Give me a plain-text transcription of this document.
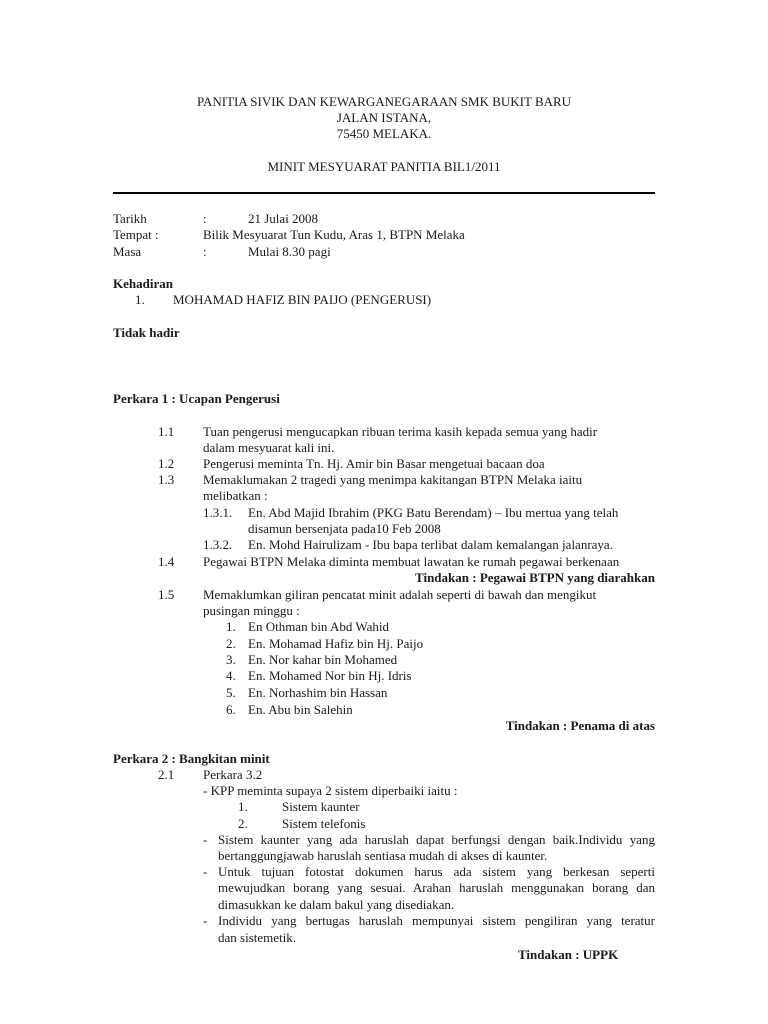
PANITIA SIVIK DAN KEWARGANEGARAAN SMK BUKIT BARU
JALAN ISTANA,
75450 MELAKA.
MINIT MESYUARAT PANITIA BIL1/2011
Tarikh	:	21 Julai 2008
Tempat :	Bilik Mesyuarat Tun Kudu, Aras 1, BTPN Melaka
Masa	:	Mulai 8.30 pagi
Kehadiran
1. MOHAMAD HAFIZ BIN PAIJO (PENGERUSI)
Tidak hadir
Perkara 1 : Ucapan Pengerusi
1.1 Tuan pengerusi mengucapkan ribuan terima kasih kepada semua yang hadir
dalam mesyuarat kali ini.
1.2 Pengerusi meminta Tn. Hj. Amir bin Basar mengetuai bacaan doa
1.3 Memaklumakan 2 tragedi yang menimpa kakitangan BTPN Melaka iaitu
melibatkan :
1.3.1. En. Abd Majid Ibrahim (PKG Batu Berendam) – Ibu mertua yang telah
disamun bersenjata pada10 Feb 2008
1.3.2. En. Mohd Hairulizam - Ibu bapa terlibat dalam kemalangan jalanraya.
1.4 Pegawai BTPN Melaka diminta membuat lawatan ke rumah pegawai berkenaan
Tindakan : Pegawai BTPN yang diarahkan
1.5 Memaklumkan giliran pencatat minit adalah seperti di bawah dan mengikut
pusingan minggu :
1. En Othman bin Abd Wahid
2. En. Mohamad Hafiz bin Hj. Paijo
3. En. Nor kahar bin Mohamed
4. En. Mohamed Nor bin Hj. Idris
5. En. Norhashim bin Hassan
6. En. Abu bin Salehin
Tindakan : Penama di atas
Perkara 2 : Bangkitan minit
2.1 Perkara 3.2
- KPP meminta supaya 2 sistem diperbaiki iaitu :
1.	Sistem kaunter
2.	Sistem telefonis
- Sistem kaunter yang ada haruslah dapat berfungsi dengan baik.Individu yang
bertanggungjawab haruslah sentiasa mudah di akses di kaunter.
- Untuk tujuan fotostat dokumen harus ada sistem yang berkesan seperti
mewujudkan borang yang sesuai. Arahan haruslah menggunakan borang dan
dimasukkan ke dalam bakul yang disediakan.
- Individu yang bertugas haruslah mempunyai sistem pengiliran yang teratur
dan sistemetik.
Tindakan : UPPK
